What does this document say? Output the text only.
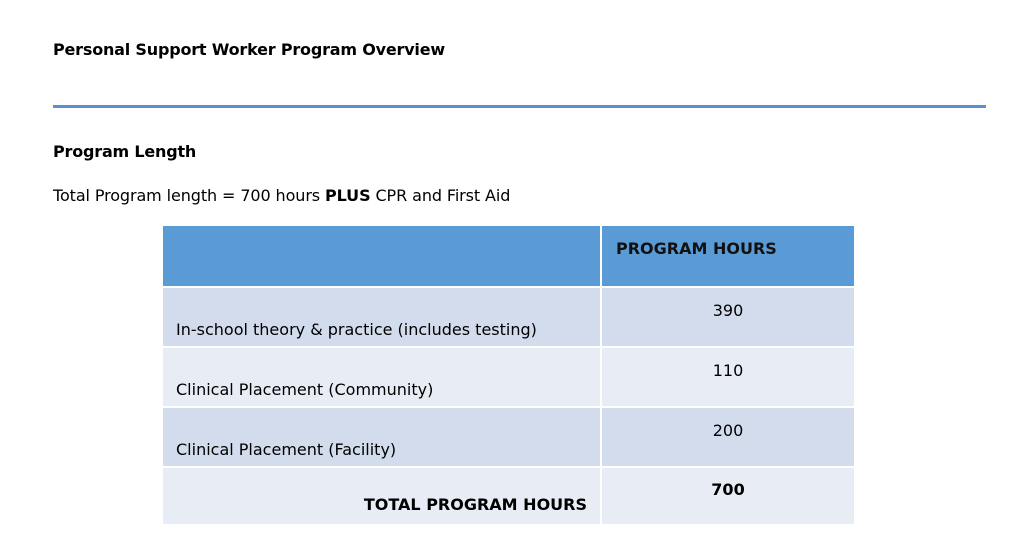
Personal Support Worker Program Overview
Program Length
Total Program length = 700 hours PLUS CPR and First Aid
	PROGRAM HOURS
In-school theory & practice (includes testing)	390
Clinical Placement (Community)	110
Clinical Placement (Facility)	200
TOTAL PROGRAM HOURS	700
